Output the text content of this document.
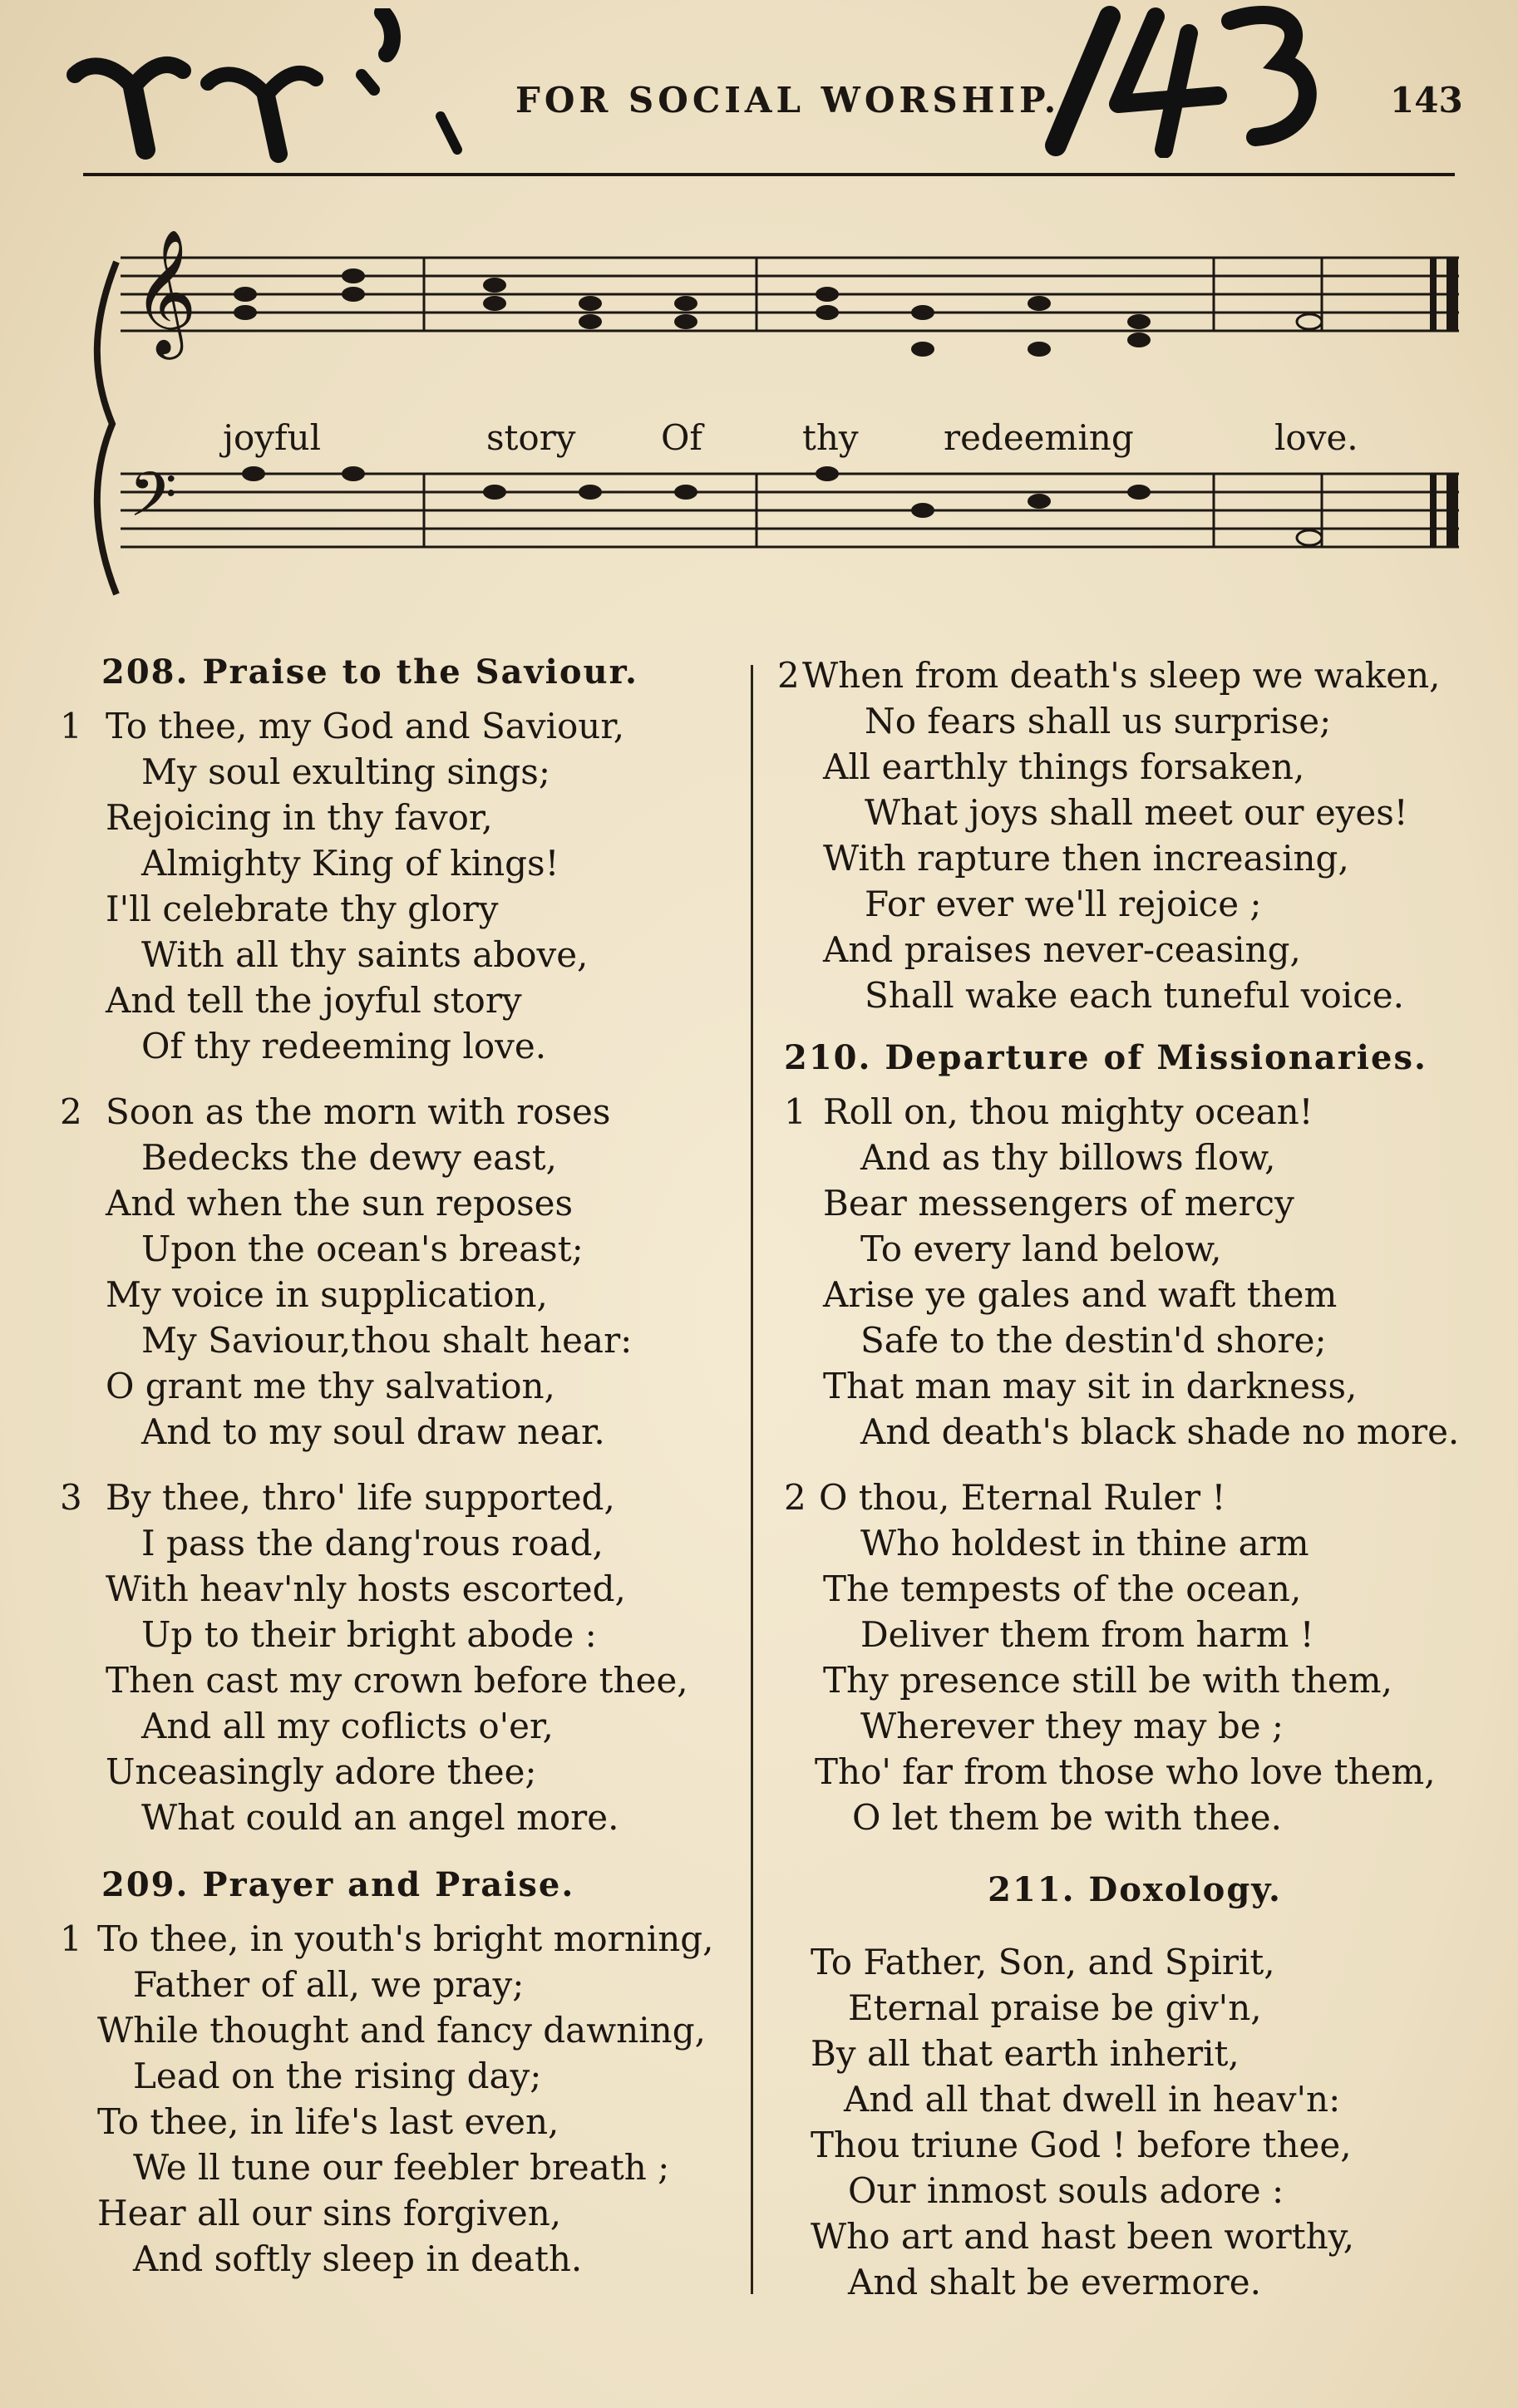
FOR SOCIAL WORSHIP.	143
𝄞
𝄢
joyful	story Of	thy redeeming	love.
208. Praise to the Saviour.
1 To thee, my God and Saviour,
My soul exulting sings;
Rejoicing in thy favor,
Almighty King of kings!
I'll celebrate thy glory
With all thy saints above,
And tell the joyful story
Of thy redeeming love.
2 Soon as the morn with roses
Bedecks the dewy east,
And when the sun reposes
Upon the ocean's breast;
My voice in supplication,
My Saviour,thou shalt hear:
O grant me thy salvation,
And to my soul draw near.
3 By thee, thro' life supported,
I pass the dang'rous road,
With heav'nly hosts escorted,
Up to their bright abode :
Then cast my crown before thee,
And all my coflicts o'er,
Unceasingly adore thee;
What could an angel more.
209. Prayer and Praise.
1 To thee, in youth's bright morning,
Father of all, we pray;
While thought and fancy dawning,
Lead on the rising day;
To thee, in life's last even,
We ll tune our feebler breath ;
Hear all our sins forgiven,
And softly sleep in death.
2 When from death's sleep we waken,
No fears shall us surprise;
All earthly things forsaken,
What joys shall meet our eyes!
With rapture then increasing,
For ever we'll rejoice ;
And praises never-ceasing,
Shall wake each tuneful voice.
210. Departure of Missionaries.
1 Roll on, thou mighty ocean!
And as thy billows flow,
Bear messengers of mercy
To every land below,
Arise ye gales and waft them
Safe to the destin'd shore;
That man may sit in darkness,
And death's black shade no more.
2 O thou, Eternal Ruler !
Who holdest in thine arm
The tempests of the ocean,
Deliver them from harm !
Thy presence still be with them,
Wherever they may be ;
Tho' far from those who love them,
O let them be with thee.
211. Doxology.
To Father, Son, and Spirit,
Eternal praise be giv'n,
By all that earth inherit,
And all that dwell in heav'n:
Thou triune God ! before thee,
Our inmost souls adore :
Who art and hast been worthy,
And shalt be evermore.
